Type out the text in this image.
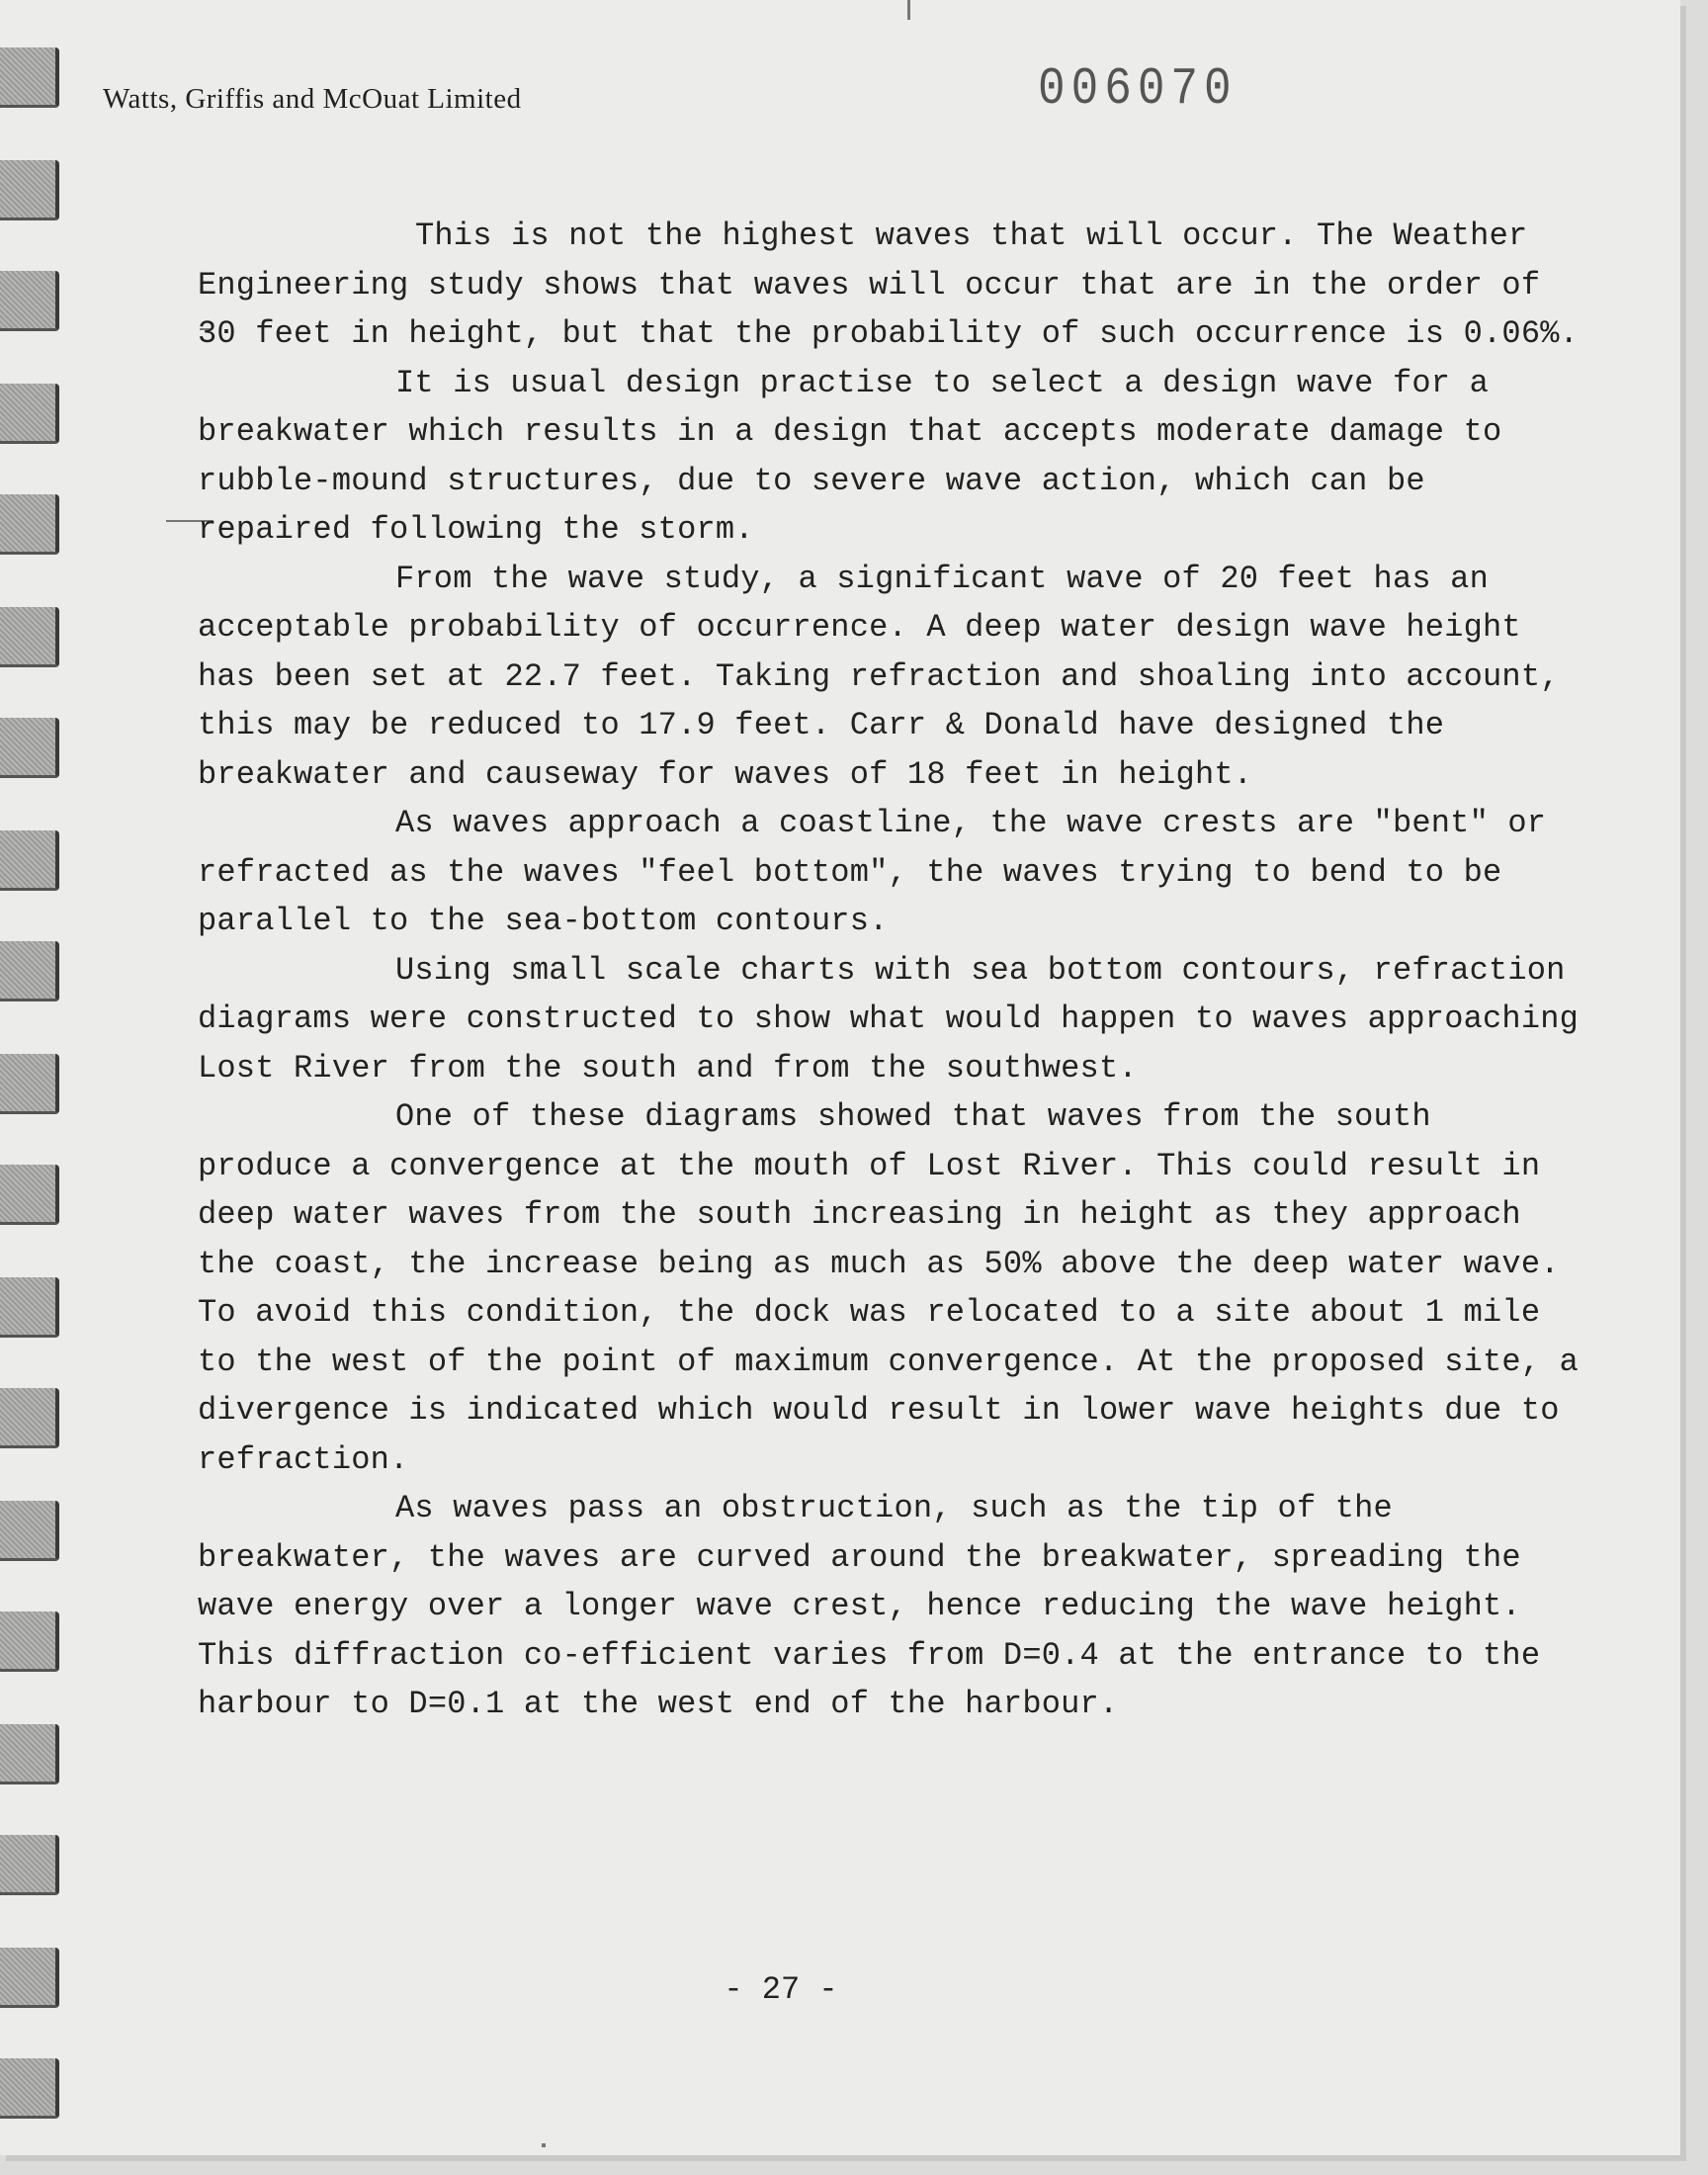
Watts, Griffis and McOuat Limited	006070

This is not the highest waves that will occur. The Weather Engineering study shows that waves will occur that are in the order of 30 feet in height, but that the probability of such occurrence is 0.06%.

It is usual design practise to select a design wave for a breakwater which results in a design that accepts moderate damage to rubble-mound structures, due to severe wave action, which can be repaired following the storm.

From the wave study, a significant wave of 20 feet has an acceptable probability of occurrence. A deep water design wave height has been set at 22.7 feet. Taking refraction and shoaling into account, this may be reduced to 17.9 feet. Carr & Donald have designed the breakwater and causeway for waves of 18 feet in height.

As waves approach a coastline, the wave crests are "bent" or refracted as the waves "feel bottom", the waves trying to bend to be parallel to the sea-bottom contours.

Using small scale charts with sea bottom contours, refraction diagrams were constructed to show what would happen to waves approaching Lost River from the south and from the southwest.

One of these diagrams showed that waves from the south produce a convergence at the mouth of Lost River. This could result in deep water waves from the south increasing in height as they approach the coast, the increase being as much as 50% above the deep water wave. To avoid this condition, the dock was relocated to a site about 1 mile to the west of the point of maximum convergence. At the proposed site, a divergence is indicated which would result in lower wave heights due to refraction.

As waves pass an obstruction, such as the tip of the breakwater, the waves are curved around the breakwater, spreading the wave energy over a longer wave crest, hence reducing the wave height. This diffraction co-efficient varies from D=0.4 at the entrance to the harbour to D=0.1 at the west end of the harbour.

- 27 -
